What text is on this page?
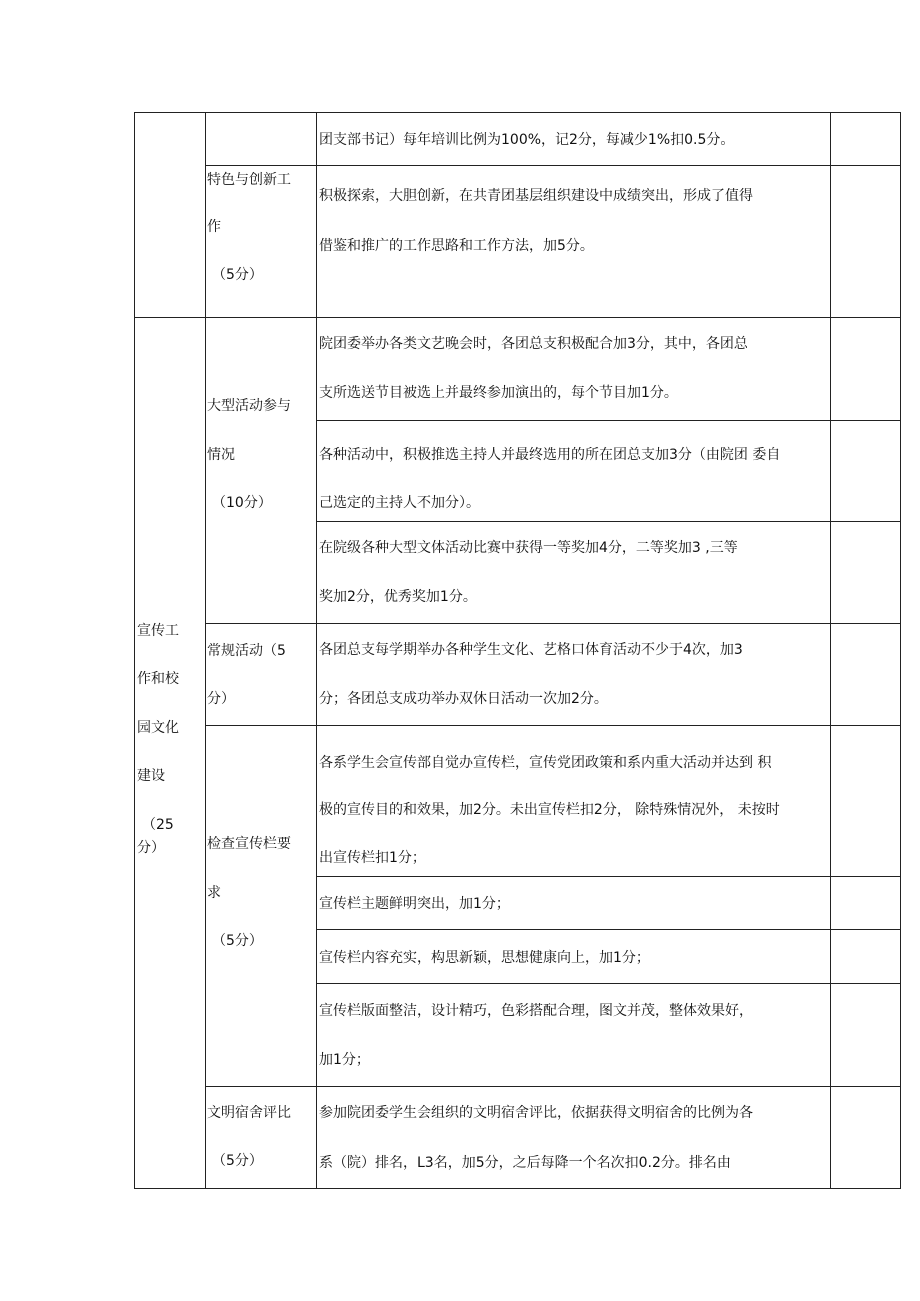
团支部书记）每年培训比例为100%，记2分，每减少1%扣0.5分。
特色与创新工
作
（5分）
积极探索，大胆创新，在共青团基层组织建设中成绩突出，形成了值得
借鉴和推广的工作思路和工作方法，加5分。
宣传工
作和校
园文化
建设
（25
分）
大型活动参与
情况
（10分）
院团委举办各类文艺晚会时，各团总支积极配合加3分，其中，各团总
支所选送节目被选上并最终参加演出的，每个节目加1分。
各种活动中，积极推选主持人并最终选用的所在团总支加3分（由院团 委自
己选定的主持人不加分）。
在院级各种大型文体活动比赛中获得一等奖加4分，二等奖加3 ,三等
奖加2分，优秀奖加1分。
常规活动（5
分）
各团总支每学期举办各种学生文化、艺格口体育活动不少于4次，加3
分；各团总支成功举办双休日活动一次加2分。
检查宣传栏要
求
（5分）
各系学生会宣传部自觉办宣传栏，宣传党团政策和系内重大活动并达到 积
极的宣传目的和效果，加2分。未出宣传栏扣2分， 除特殊情况外， 未按时
出宣传栏扣1分；
宣传栏主题鲜明突出，加1分；
宣传栏内容充实，构思新颖，思想健康向上，加1分；
宣传栏版面整洁，设计精巧，色彩搭配合理，图文并茂，整体效果好，
加1分；
文明宿舍评比
（5分）
参加院团委学生会组织的文明宿舍评比，依据获得文明宿舍的比例为各
系（院）排名，L3名，加5分，之后每降一个名次扣0.2分。排名由
